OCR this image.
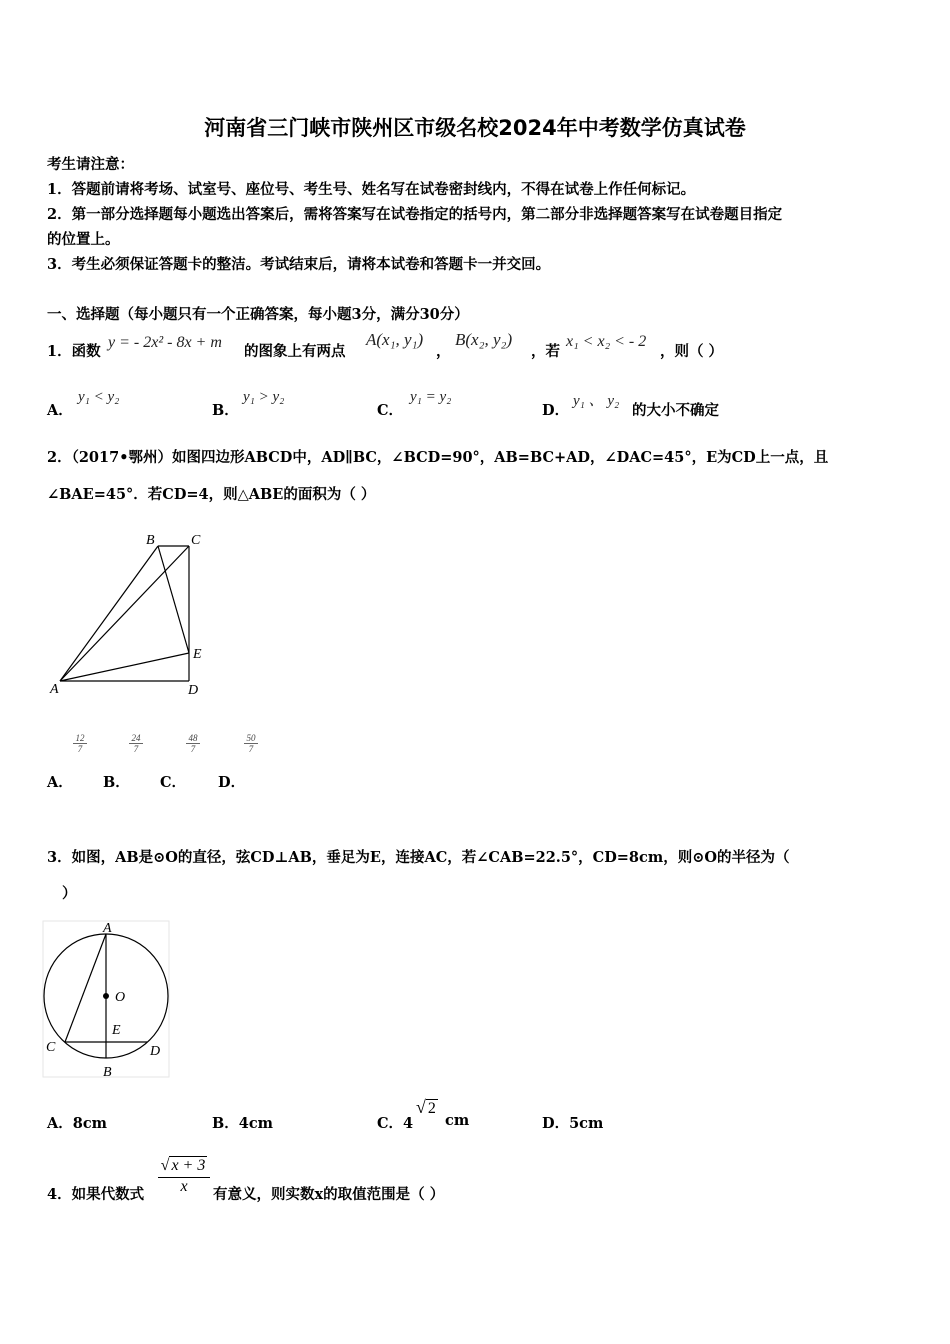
河南省三门峡市陕州区市级名校2024年中考数学仿真试卷
考生请注意：
1．答题前请将考场、试室号、座位号、考生号、姓名写在试卷密封线内，不得在试卷上作任何标记。
2．第一部分选择题每小题选出答案后，需将答案写在试卷指定的括号内，第二部分非选择题答案写在试卷题目指定
的位置上。
3．考生必须保证答题卡的整洁。考试结束后，请将本试卷和答题卡一并交回。
一、选择题（每小题只有一个正确答案，每小题3分，满分30分）
1．函数
y = - 2x² - 8x + m
的图象上有两点
A(x₁, y₁)
，
B(x₂, y₂)
，若
x₁ < x₂ < - 2
，则（ ）
A．
y₁ < y₂
B．
y₁ > y₂
C．
y₁ = y₂
D．
y₁ 、 y₂
的大小不确定
2．（2017•鄂州）如图四边形ABCD中，AD∥BC，∠BCD=90°，AB=BC+AD，∠DAC=45°，E为CD上一点，且
∠BAE=45°．若CD=4，则△ABE的面积为（ ）
B	C
E
A	D
$\frac{12}{7}$	$\frac{24}{7}$	$\frac{48}{7}$	$\frac{50}{7}$
A． B． C． D．
3．如图，AB是⊙O的直径，弦CD⊥AB，垂足为E，连接AC，若∠CAB=22.5°，CD=8cm，则⊙O的半径为（
）
A
O
E
C	D
B
A．8cm	B．4cm	C．4
√ 2
cm	D．5cm
4．如果代数式 $\frac{√ x + 3}{x}$ 有意义，则实数x的取值范围是（ ）
